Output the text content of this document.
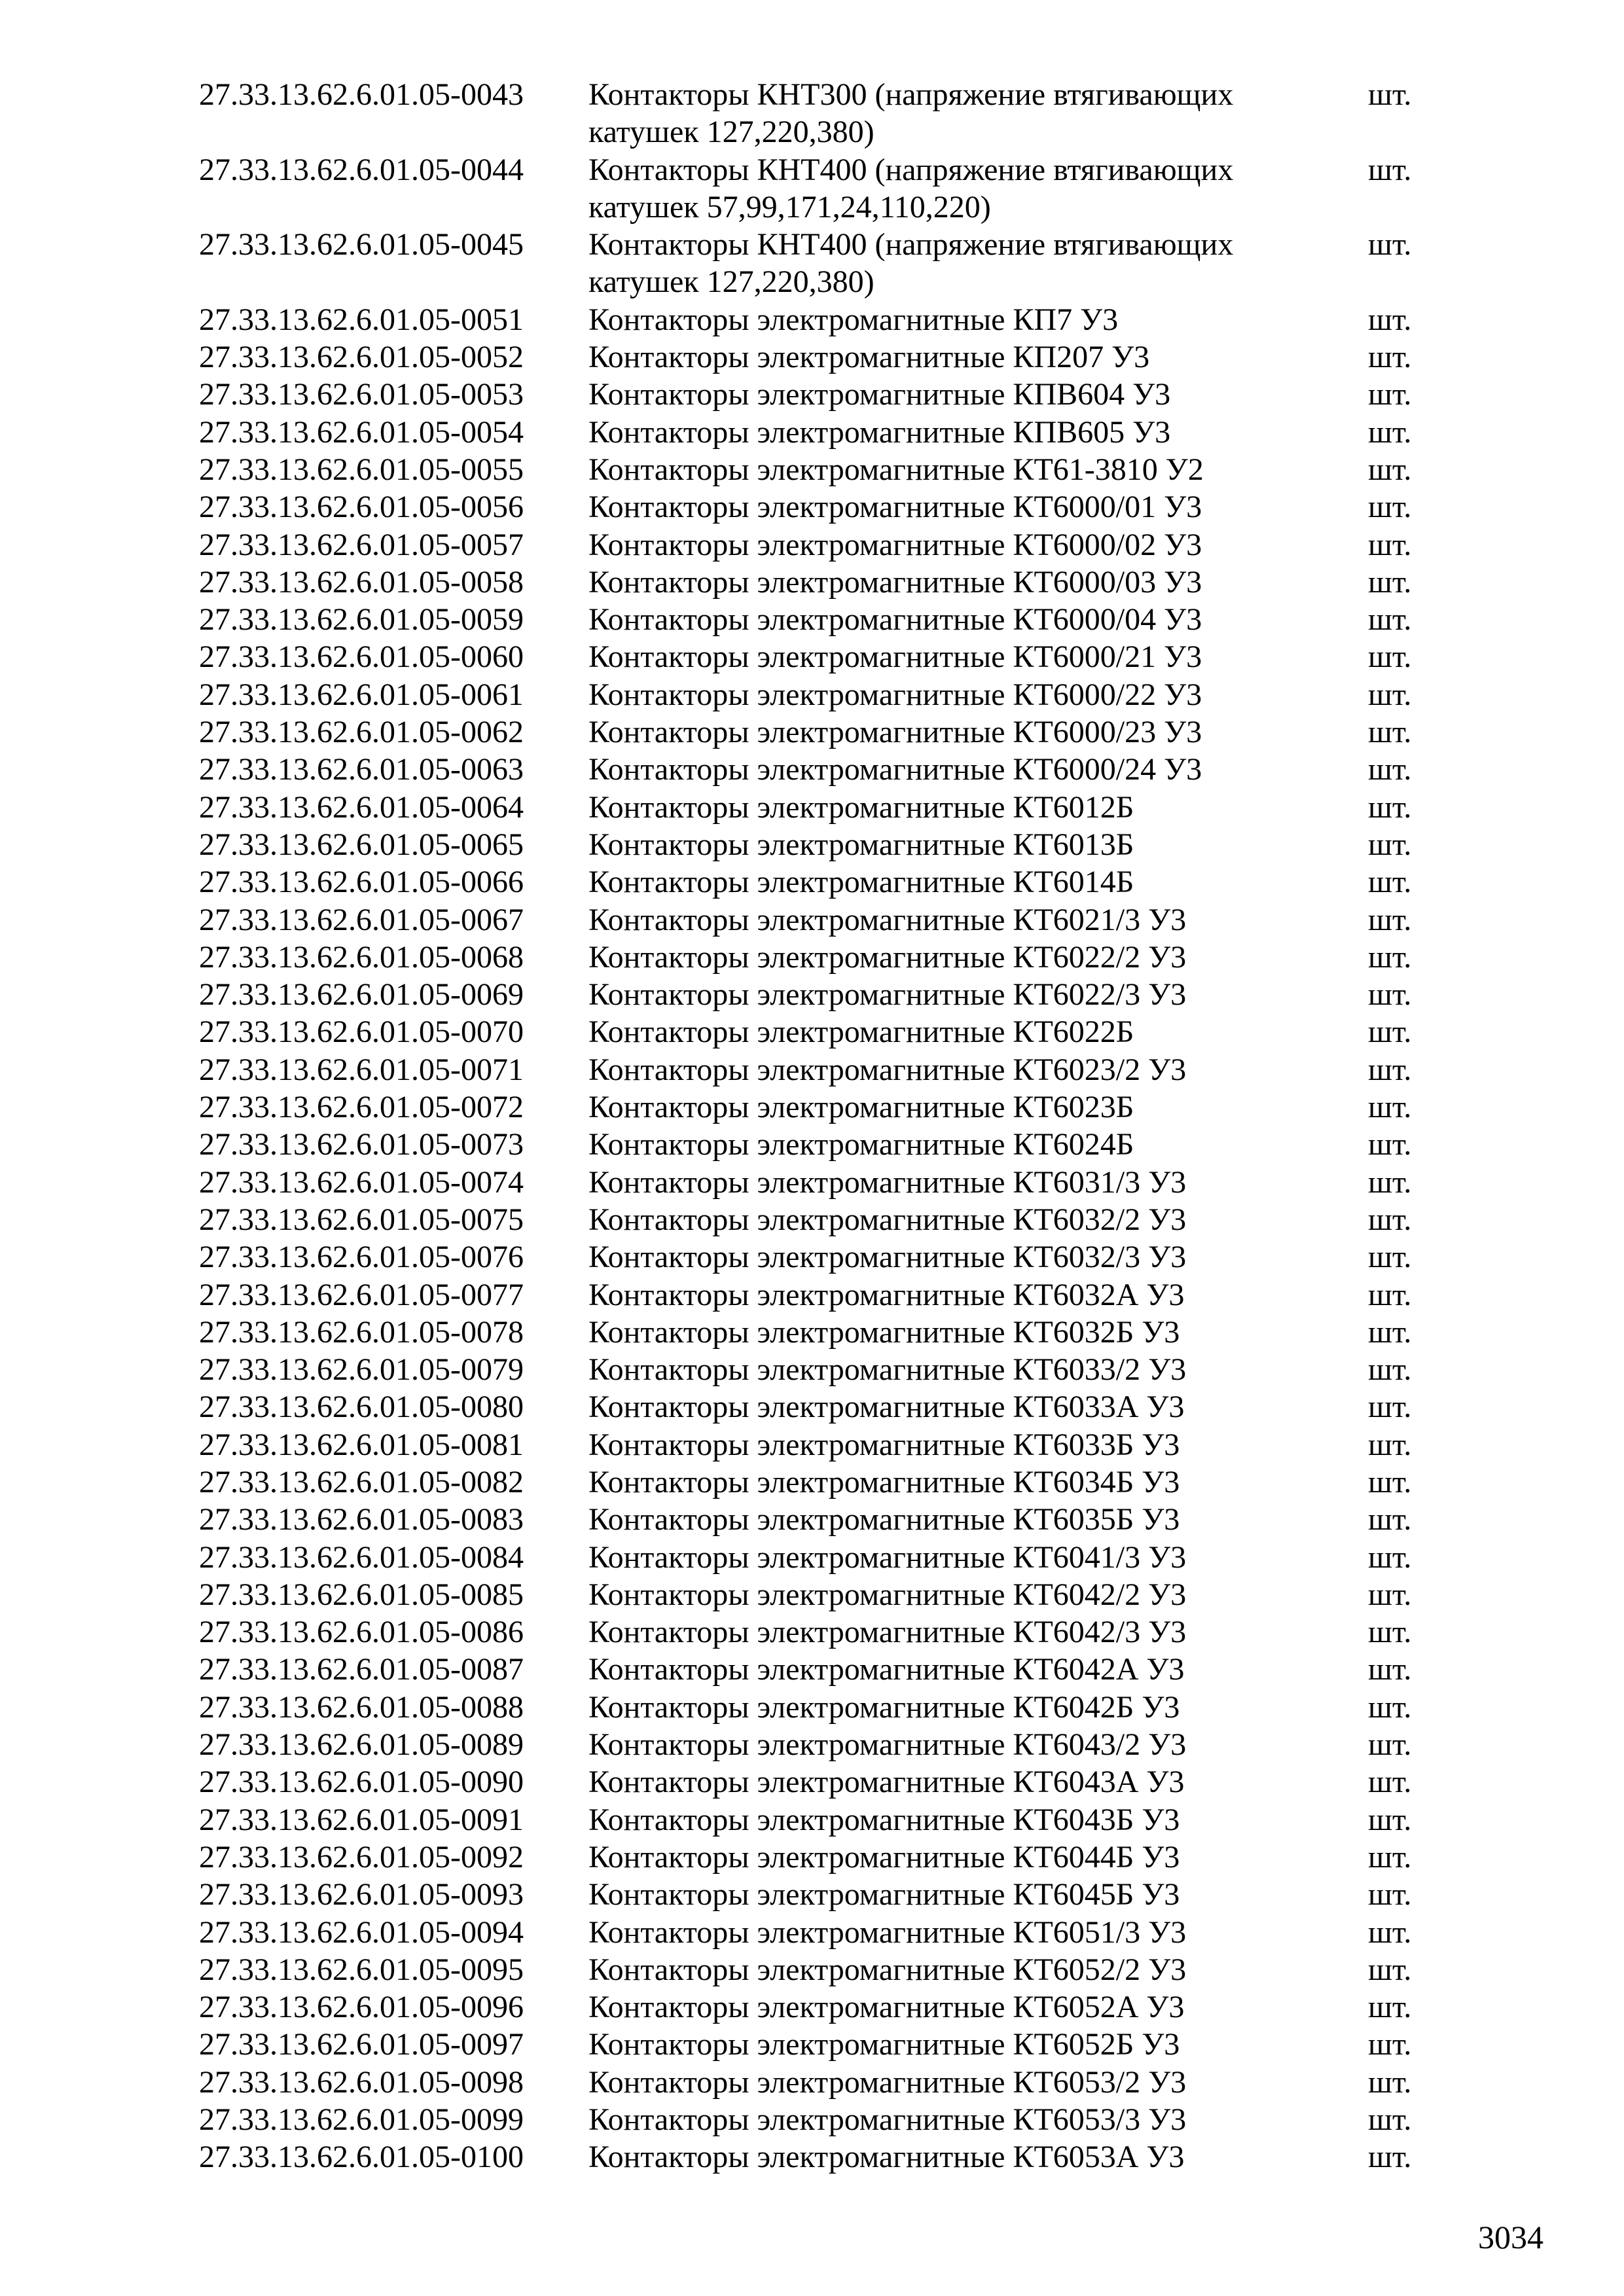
27.33.13.62.6.01.05-0043 Контакторы КНТ300 (напряжение втягивающих
катушек 127,220,380)
шт.
27.33.13.62.6.01.05-0044 Контакторы КНТ400 (напряжение втягивающих
катушек 57,99,171,24,110,220)
шт.
27.33.13.62.6.01.05-0045 Контакторы КНТ400 (напряжение втягивающих
катушек 127,220,380)
шт.
27.33.13.62.6.01.05-0051 Контакторы электромагнитные КП7 У3	шт.
27.33.13.62.6.01.05-0052 Контакторы электромагнитные КП207 У3	шт.
27.33.13.62.6.01.05-0053 Контакторы электромагнитные КПВ604 У3	шт.
27.33.13.62.6.01.05-0054 Контакторы электромагнитные КПВ605 У3	шт.
27.33.13.62.6.01.05-0055 Контакторы электромагнитные КТ61-3810 У2	шт.
27.33.13.62.6.01.05-0056 Контакторы электромагнитные КТ6000/01 У3	шт.
27.33.13.62.6.01.05-0057 Контакторы электромагнитные КТ6000/02 У3	шт.
27.33.13.62.6.01.05-0058 Контакторы электромагнитные КТ6000/03 У3	шт.
27.33.13.62.6.01.05-0059 Контакторы электромагнитные КТ6000/04 У3	шт.
27.33.13.62.6.01.05-0060 Контакторы электромагнитные КТ6000/21 У3	шт.
27.33.13.62.6.01.05-0061 Контакторы электромагнитные КТ6000/22 У3	шт.
27.33.13.62.6.01.05-0062 Контакторы электромагнитные КТ6000/23 У3	шт.
27.33.13.62.6.01.05-0063 Контакторы электромагнитные КТ6000/24 У3	шт.
27.33.13.62.6.01.05-0064 Контакторы электромагнитные КТ6012Б	шт.
27.33.13.62.6.01.05-0065 Контакторы электромагнитные КТ6013Б	шт.
27.33.13.62.6.01.05-0066 Контакторы электромагнитные КТ6014Б	шт.
27.33.13.62.6.01.05-0067 Контакторы электромагнитные КТ6021/3 У3	шт.
27.33.13.62.6.01.05-0068 Контакторы электромагнитные КТ6022/2 У3	шт.
27.33.13.62.6.01.05-0069 Контакторы электромагнитные КТ6022/3 У3	шт.
27.33.13.62.6.01.05-0070 Контакторы электромагнитные КТ6022Б	шт.
27.33.13.62.6.01.05-0071 Контакторы электромагнитные КТ6023/2 У3	шт.
27.33.13.62.6.01.05-0072 Контакторы электромагнитные КТ6023Б	шт.
27.33.13.62.6.01.05-0073 Контакторы электромагнитные КТ6024Б	шт.
27.33.13.62.6.01.05-0074 Контакторы электромагнитные КТ6031/3 У3	шт.
27.33.13.62.6.01.05-0075 Контакторы электромагнитные КТ6032/2 У3	шт.
27.33.13.62.6.01.05-0076 Контакторы электромагнитные КТ6032/3 У3	шт.
27.33.13.62.6.01.05-0077 Контакторы электромагнитные КТ6032А У3	шт.
27.33.13.62.6.01.05-0078 Контакторы электромагнитные КТ6032Б У3	шт.
27.33.13.62.6.01.05-0079 Контакторы электромагнитные КТ6033/2 У3	шт.
27.33.13.62.6.01.05-0080 Контакторы электромагнитные КТ6033А У3	шт.
27.33.13.62.6.01.05-0081 Контакторы электромагнитные КТ6033Б У3	шт.
27.33.13.62.6.01.05-0082 Контакторы электромагнитные КТ6034Б У3	шт.
27.33.13.62.6.01.05-0083 Контакторы электромагнитные КТ6035Б У3	шт.
27.33.13.62.6.01.05-0084 Контакторы электромагнитные КТ6041/3 У3	шт.
27.33.13.62.6.01.05-0085 Контакторы электромагнитные КТ6042/2 У3	шт.
27.33.13.62.6.01.05-0086 Контакторы электромагнитные КТ6042/3 У3	шт.
27.33.13.62.6.01.05-0087 Контакторы электромагнитные КТ6042А У3	шт.
27.33.13.62.6.01.05-0088 Контакторы электромагнитные КТ6042Б У3	шт.
27.33.13.62.6.01.05-0089 Контакторы электромагнитные КТ6043/2 У3	шт.
27.33.13.62.6.01.05-0090 Контакторы электромагнитные КТ6043А У3	шт.
27.33.13.62.6.01.05-0091 Контакторы электромагнитные КТ6043Б У3	шт.
27.33.13.62.6.01.05-0092 Контакторы электромагнитные КТ6044Б У3	шт.
27.33.13.62.6.01.05-0093 Контакторы электромагнитные КТ6045Б У3	шт.
27.33.13.62.6.01.05-0094 Контакторы электромагнитные КТ6051/3 У3	шт.
27.33.13.62.6.01.05-0095 Контакторы электромагнитные КТ6052/2 У3	шт.
27.33.13.62.6.01.05-0096 Контакторы электромагнитные КТ6052А У3	шт.
27.33.13.62.6.01.05-0097 Контакторы электромагнитные КТ6052Б У3	шт.
27.33.13.62.6.01.05-0098 Контакторы электромагнитные КТ6053/2 У3	шт.
27.33.13.62.6.01.05-0099 Контакторы электромагнитные КТ6053/3 У3	шт.
27.33.13.62.6.01.05-0100 Контакторы электромагнитные КТ6053А У3	шт.
3034
